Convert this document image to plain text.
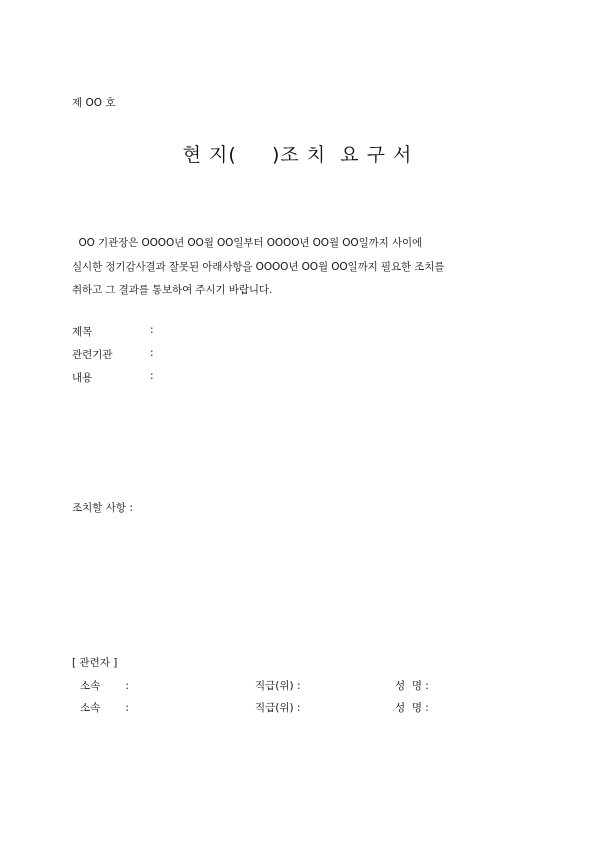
제 OO 호
현 지(     )조 치  요 구 서
OO 기관장은 OOOO년 OO월 OO일부터 OOOO년 OO월 OO일까지 사이에
실시한 정기감사결과 잘못된 아래사항을 OOOO년 OO월 OO일까지 필요한 조치를
취하고 그 결과를 통보하여 주시기 바랍니다.
제목	:
관련기관	:
내용	:
조치할 사항 :
[ 관련자 ]
소속 :	직급(위) :	성  명 :
소속 :	직급(위) :	성  명 :
